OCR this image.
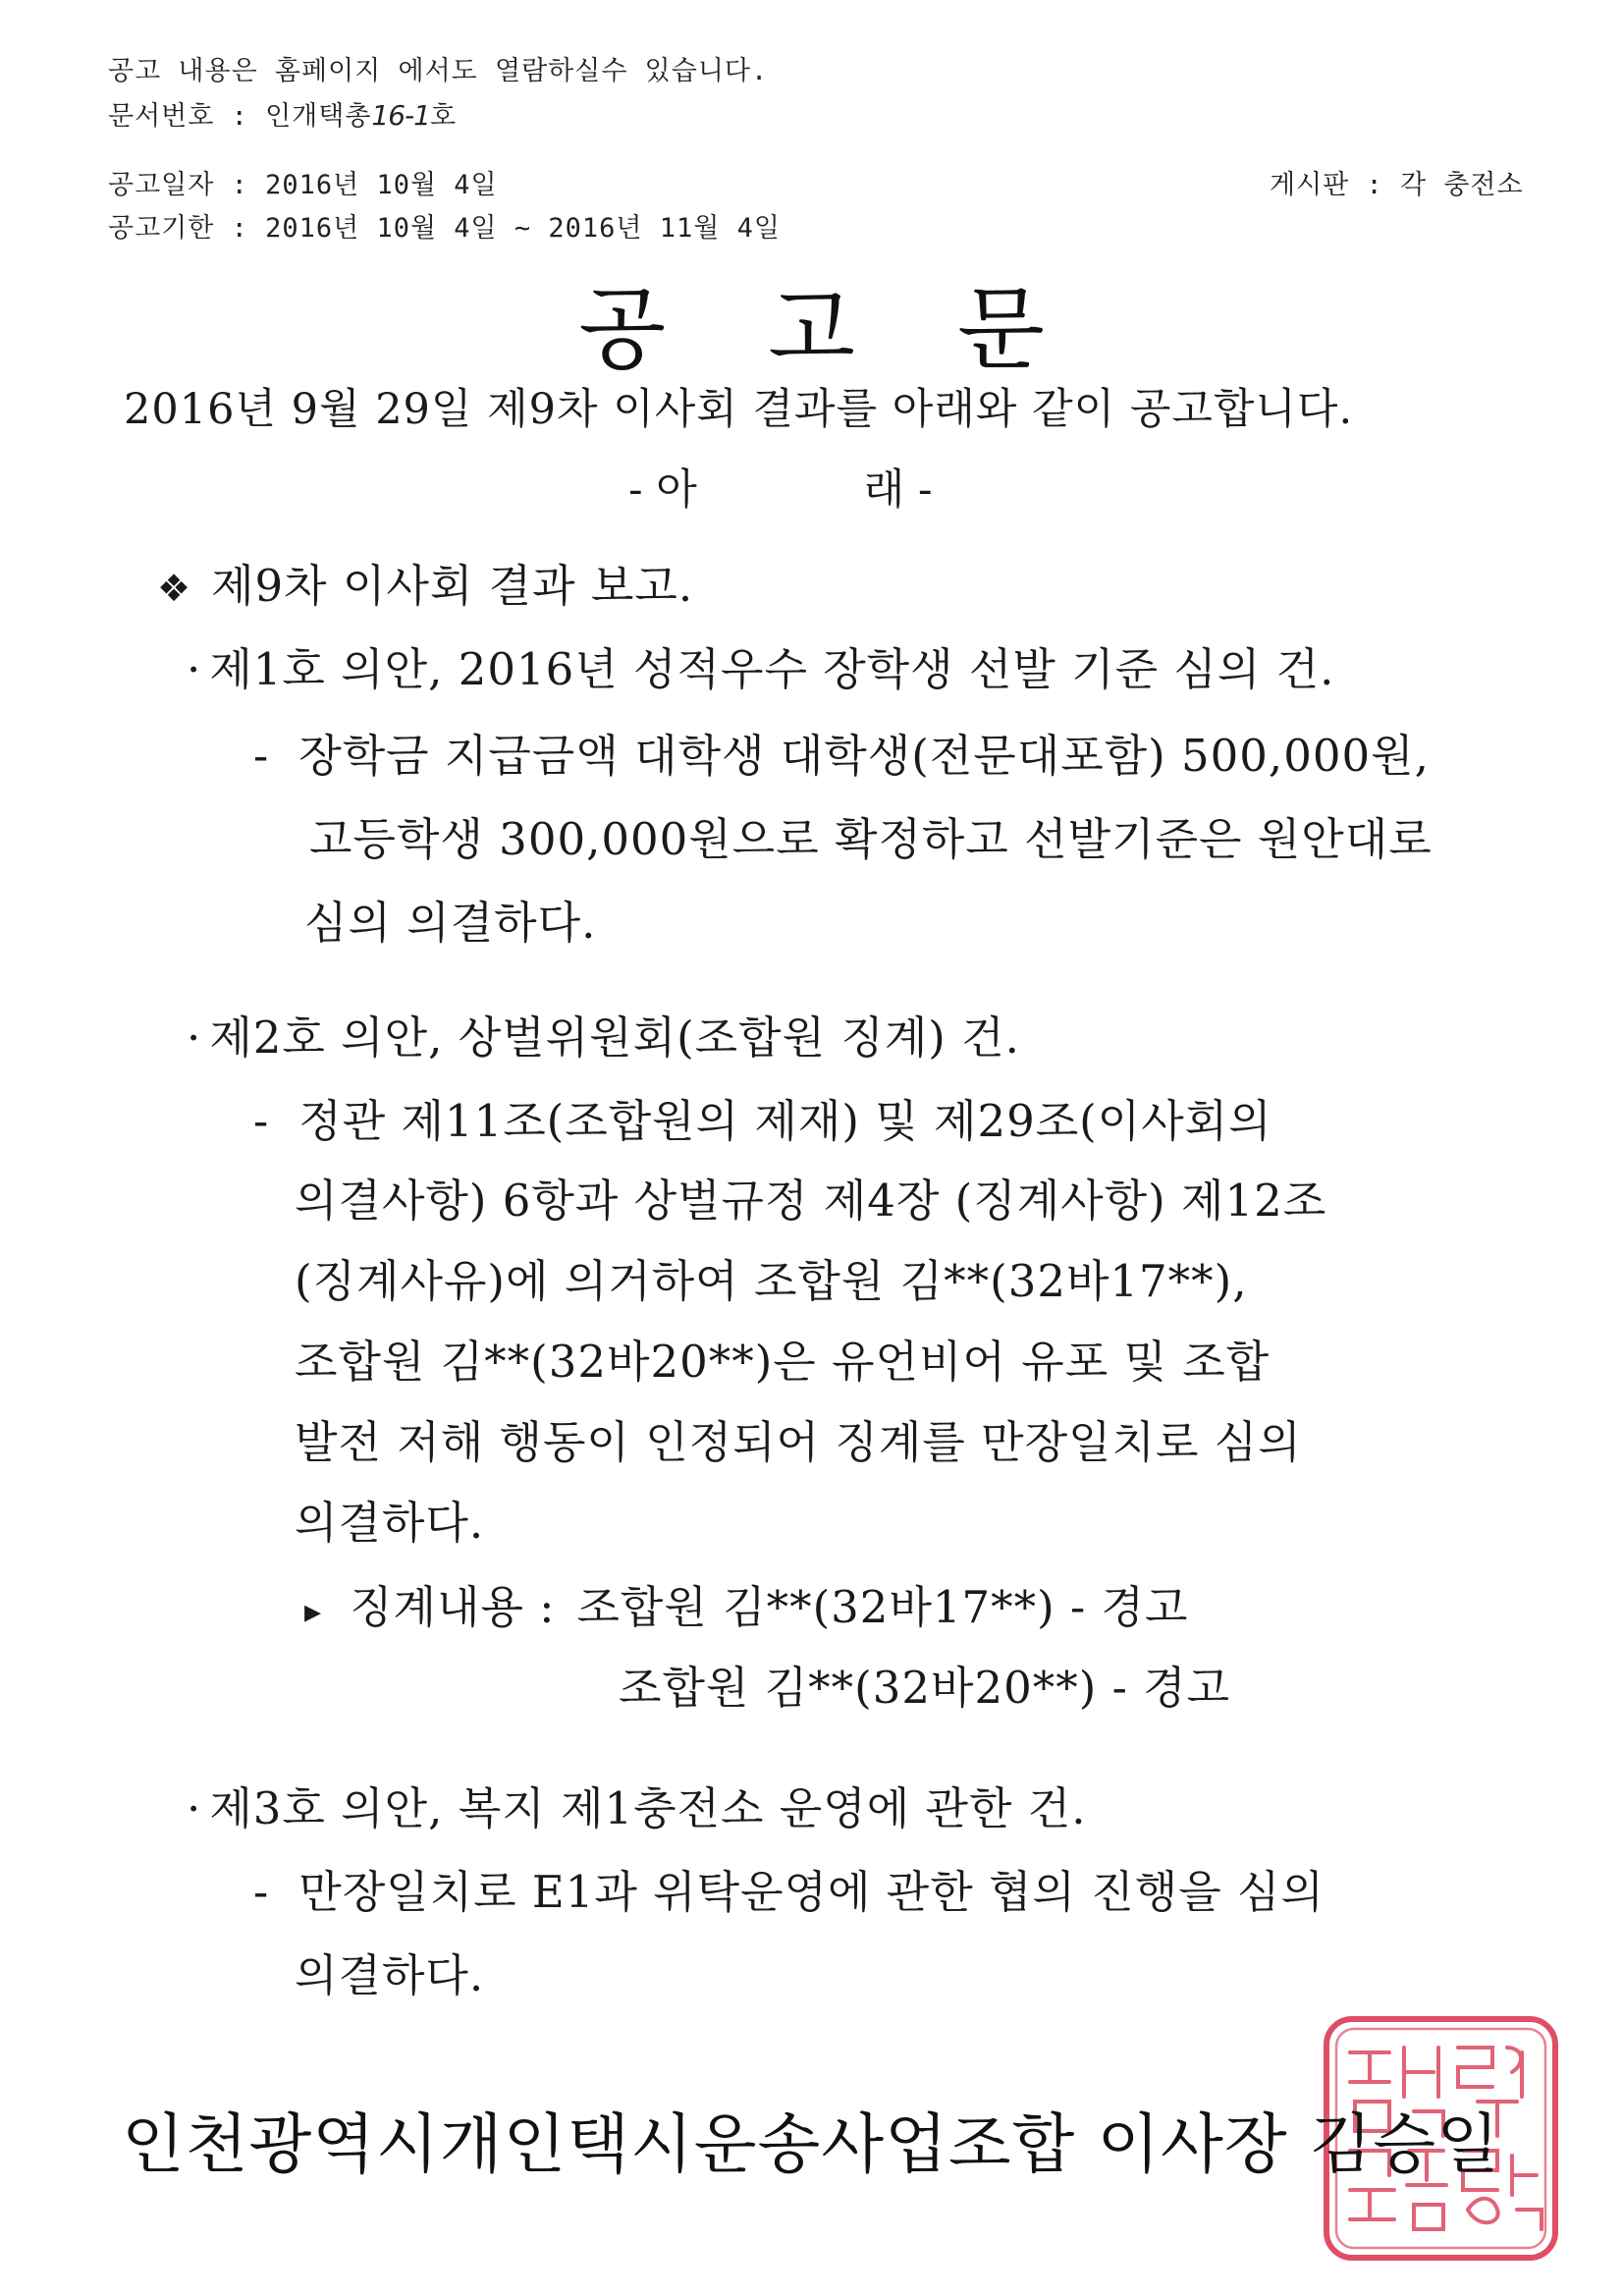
공고 내용은 홈페이지 에서도 열람하실수 있습니다.
문서번호 : 인개택총16-1호
공고일자 : 2016년 10월 4일	게시판 : 각 충전소
공고기한 : 2016년 10월 4일 ~ 2016년 11월 4일
공 고 문
2016년 9월 29일 제9차 이사회 결과를 아래와 같이 공고합니다.
- 아	래 -
❖ 제9차 이사회 결과 보고.
· 제1호 의안, 2016년 성적우수 장학생 선발 기준 심의 건.
- 장학금 지급금액 대학생 대학생(전문대포함) 500,000원,
고등학생 300,000원으로 확정하고 선발기준은 원안대로
심의 의결하다.
· 제2호 의안, 상벌위원회(조합원 징계) 건.
- 정관 제11조(조합원의 제재) 및 제29조(이사회의
의결사항) 6항과 상벌규정 제4장 (징계사항) 제12조
(징계사유)에 의거하여 조합원 김**(32바17**),
조합원 김**(32바20**)은 유언비어 유포 및 조합
발전 저해 행동이 인정되어 징계를 만장일치로 심의
의결하다.
▸ 징계내용 : 조합원 김**(32바17**) - 경고
조합원 김**(32바20**) - 경고
· 제3호 의안, 복지 제1충전소 운영에 관한 건.
- 만장일치로 E1과 위탁운영에 관한 협의 진행을 심의
의결하다.
인천광역시개인택시운송사업조합 이사장 김승일
